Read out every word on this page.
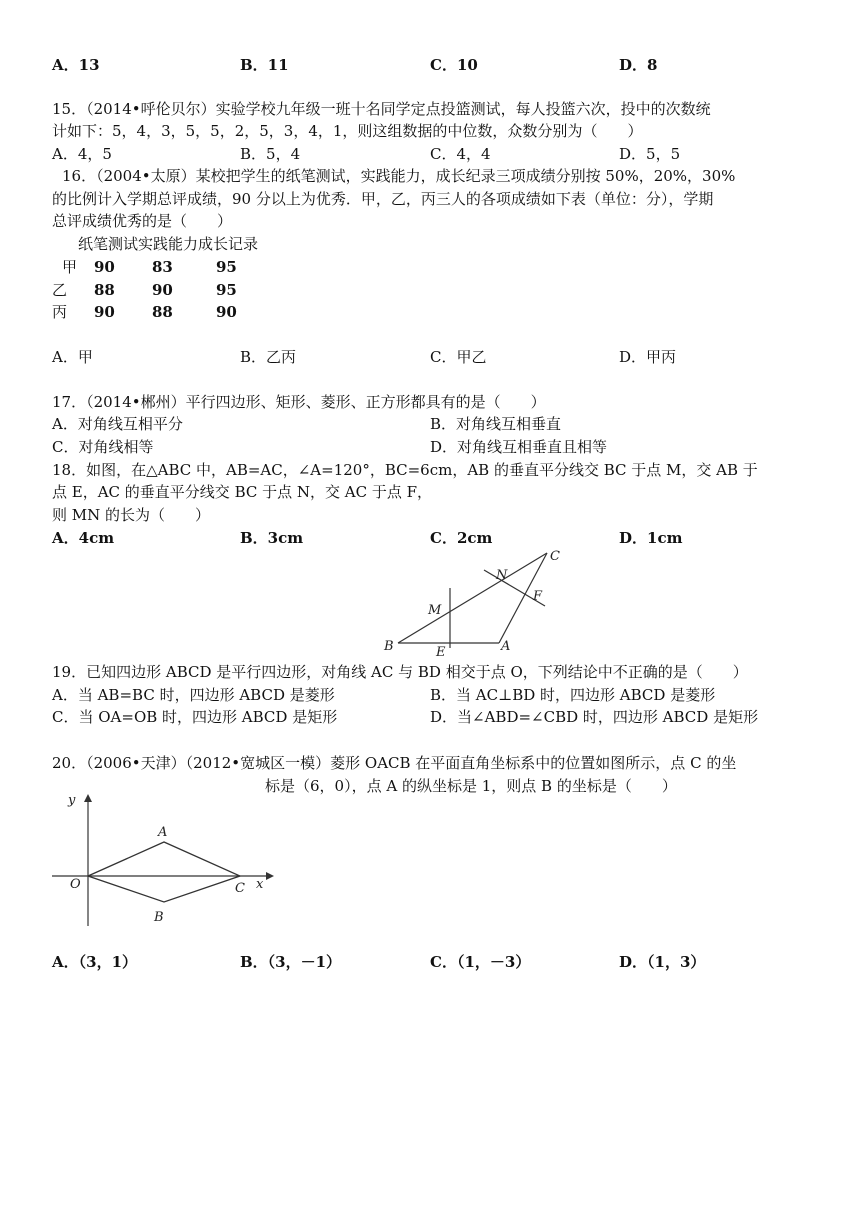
A．13	B．11	C．10	D．8
15．（2014•呼伦贝尔）实验学校九年级一班十名同学定点投篮测试，每人投篮六次，投中的次数统
计如下：5，4，3，5，5，2，5，3，4，1，则这组数据的中位数，众数分别为（　　）
A．4，5	B．5，4	C．4，4	D．5，5
16．（2004•太原）某校把学生的纸笔测试，实践能力，成长纪录三项成绩分别按 50%，20%，30%
的比例计入学期总评成绩，90 分以上为优秀．甲，乙，丙三人的各项成绩如下表（单位：分），学期
总评成绩优秀的是（　　）
纸笔测试实践能力成长记录
甲 90 83	95
乙 88 90	95
丙 90 88	90
A．甲	B．乙丙	C．甲乙	D．甲丙
17．（2014•郴州）平行四边形、矩形、菱形、正方形都具有的是（　　）
A．对角线互相平分	B．对角线互相垂直
C．对角线相等	D．对角线互相垂直且相等
18．如图，在△ABC 中，AB=AC，∠A=120°，BC=6cm，AB 的垂直平分线交 BC 于点 M，交 AB 于
点 E，AC 的垂直平分线交 BC 于点 N，交 AC 于点 F，
则 MN 的长为（　　）
A．4cm	B．3cm	C．2cm	D．1cm
B	E	A
M
N
F
C
19．已知四边形 ABCD 是平行四边形，对角线 AC 与 BD 相交于点 O，下列结论中不正确的是（　　）
A．当 AB=BC 时，四边形 ABCD 是菱形	B．当 AC⊥BD 时，四边形 ABCD 是菱形
C．当 OA=OB 时，四边形 ABCD 是矩形	D．当∠ABD=∠CBD 时，四边形 ABCD 是矩形
20．（2006•天津）（2012•宽城区一模）菱形 OACB 在平面直角坐标系中的位置如图所示，点 C 的坐
标是（6，0），点 A 的纵坐标是 1，则点 B 的坐标是（　　）
y
x
O
A
B
C
A．（3，1）	B．（3，－1）	C．（1，－3）	D．（1，3）
